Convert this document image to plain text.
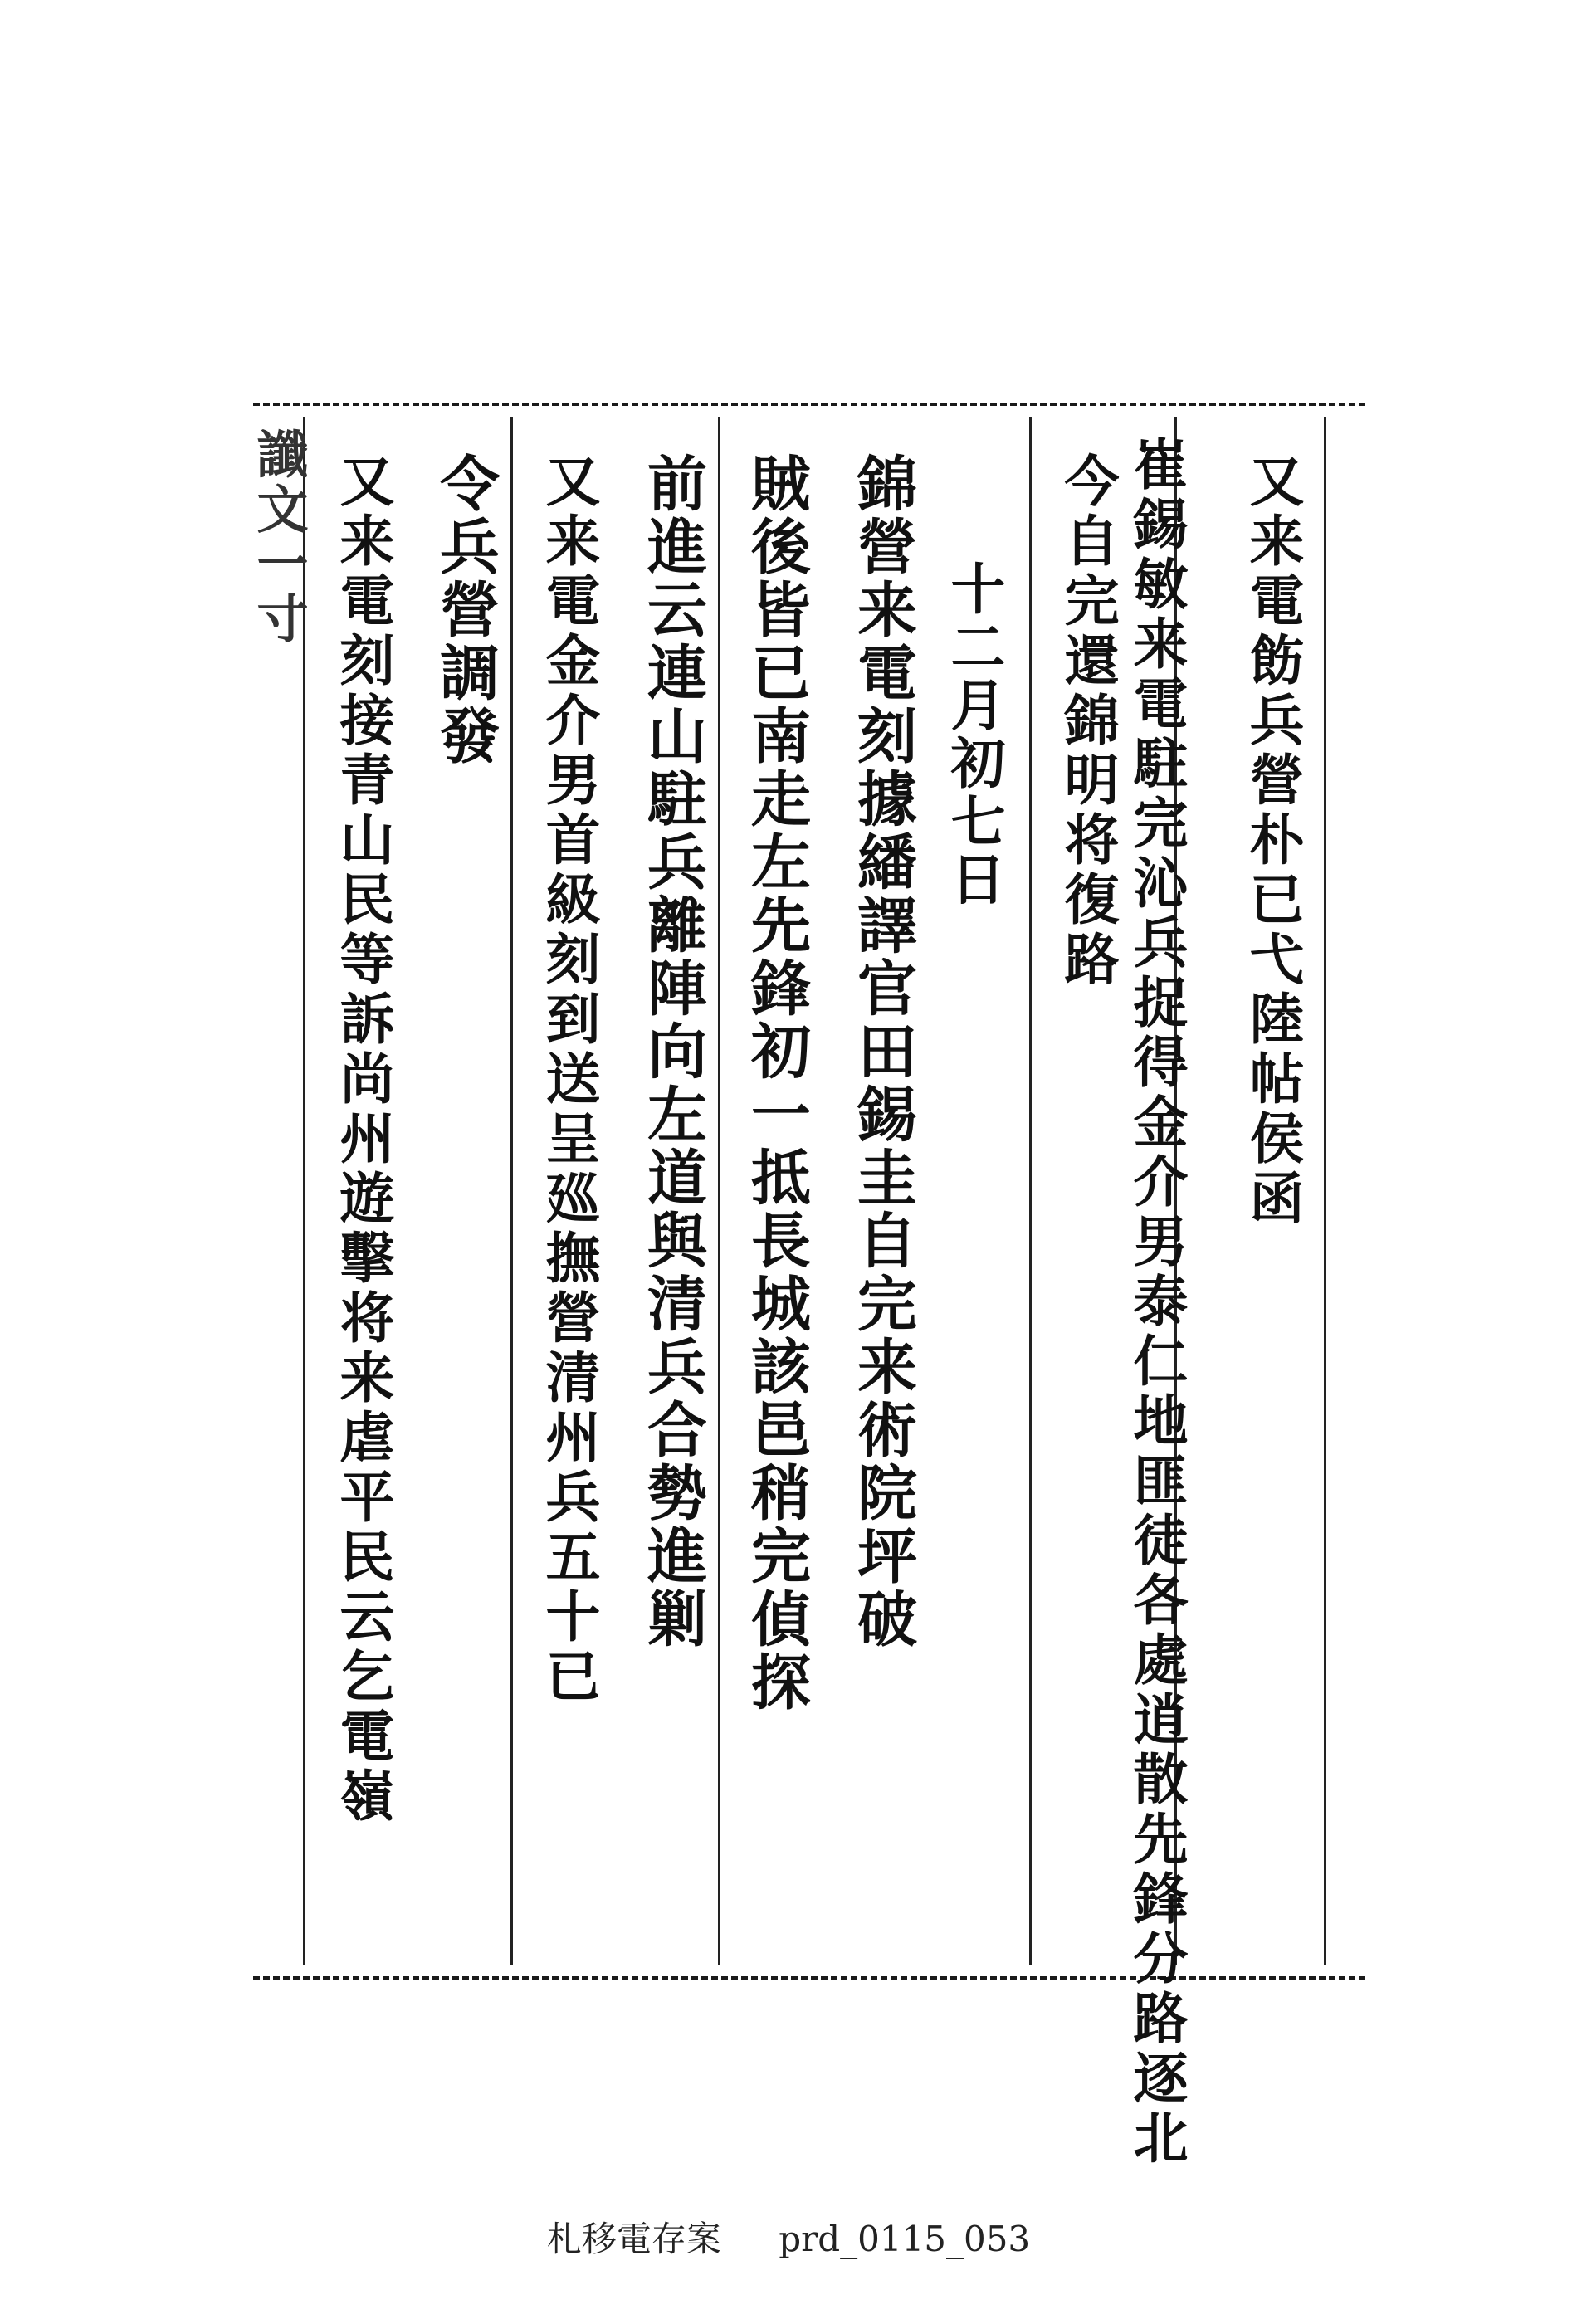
又来電飭兵營朴已弋陸帖侯函
崔錫敏来電駐完沁兵捉得金介男泰仁地匪徒各處逍散先鋒分路逐北
今自完還錦明将復路
十二月初七日
錦營来電刻據繙譯官田錫圭自完来術院坪破
賊後皆已南走左先鋒初一抵長城該邑稍完偵探
前進云連山駐兵離陣向左道與清兵合勢進剿
又来電金介男首級刻到送呈廵撫營清州兵五十已
令兵營調發
又来電刻接青山民等訴尚州遊擊将来虐平民云乞電嶺
讖文一寸
札移電存案 prd_0115_053
